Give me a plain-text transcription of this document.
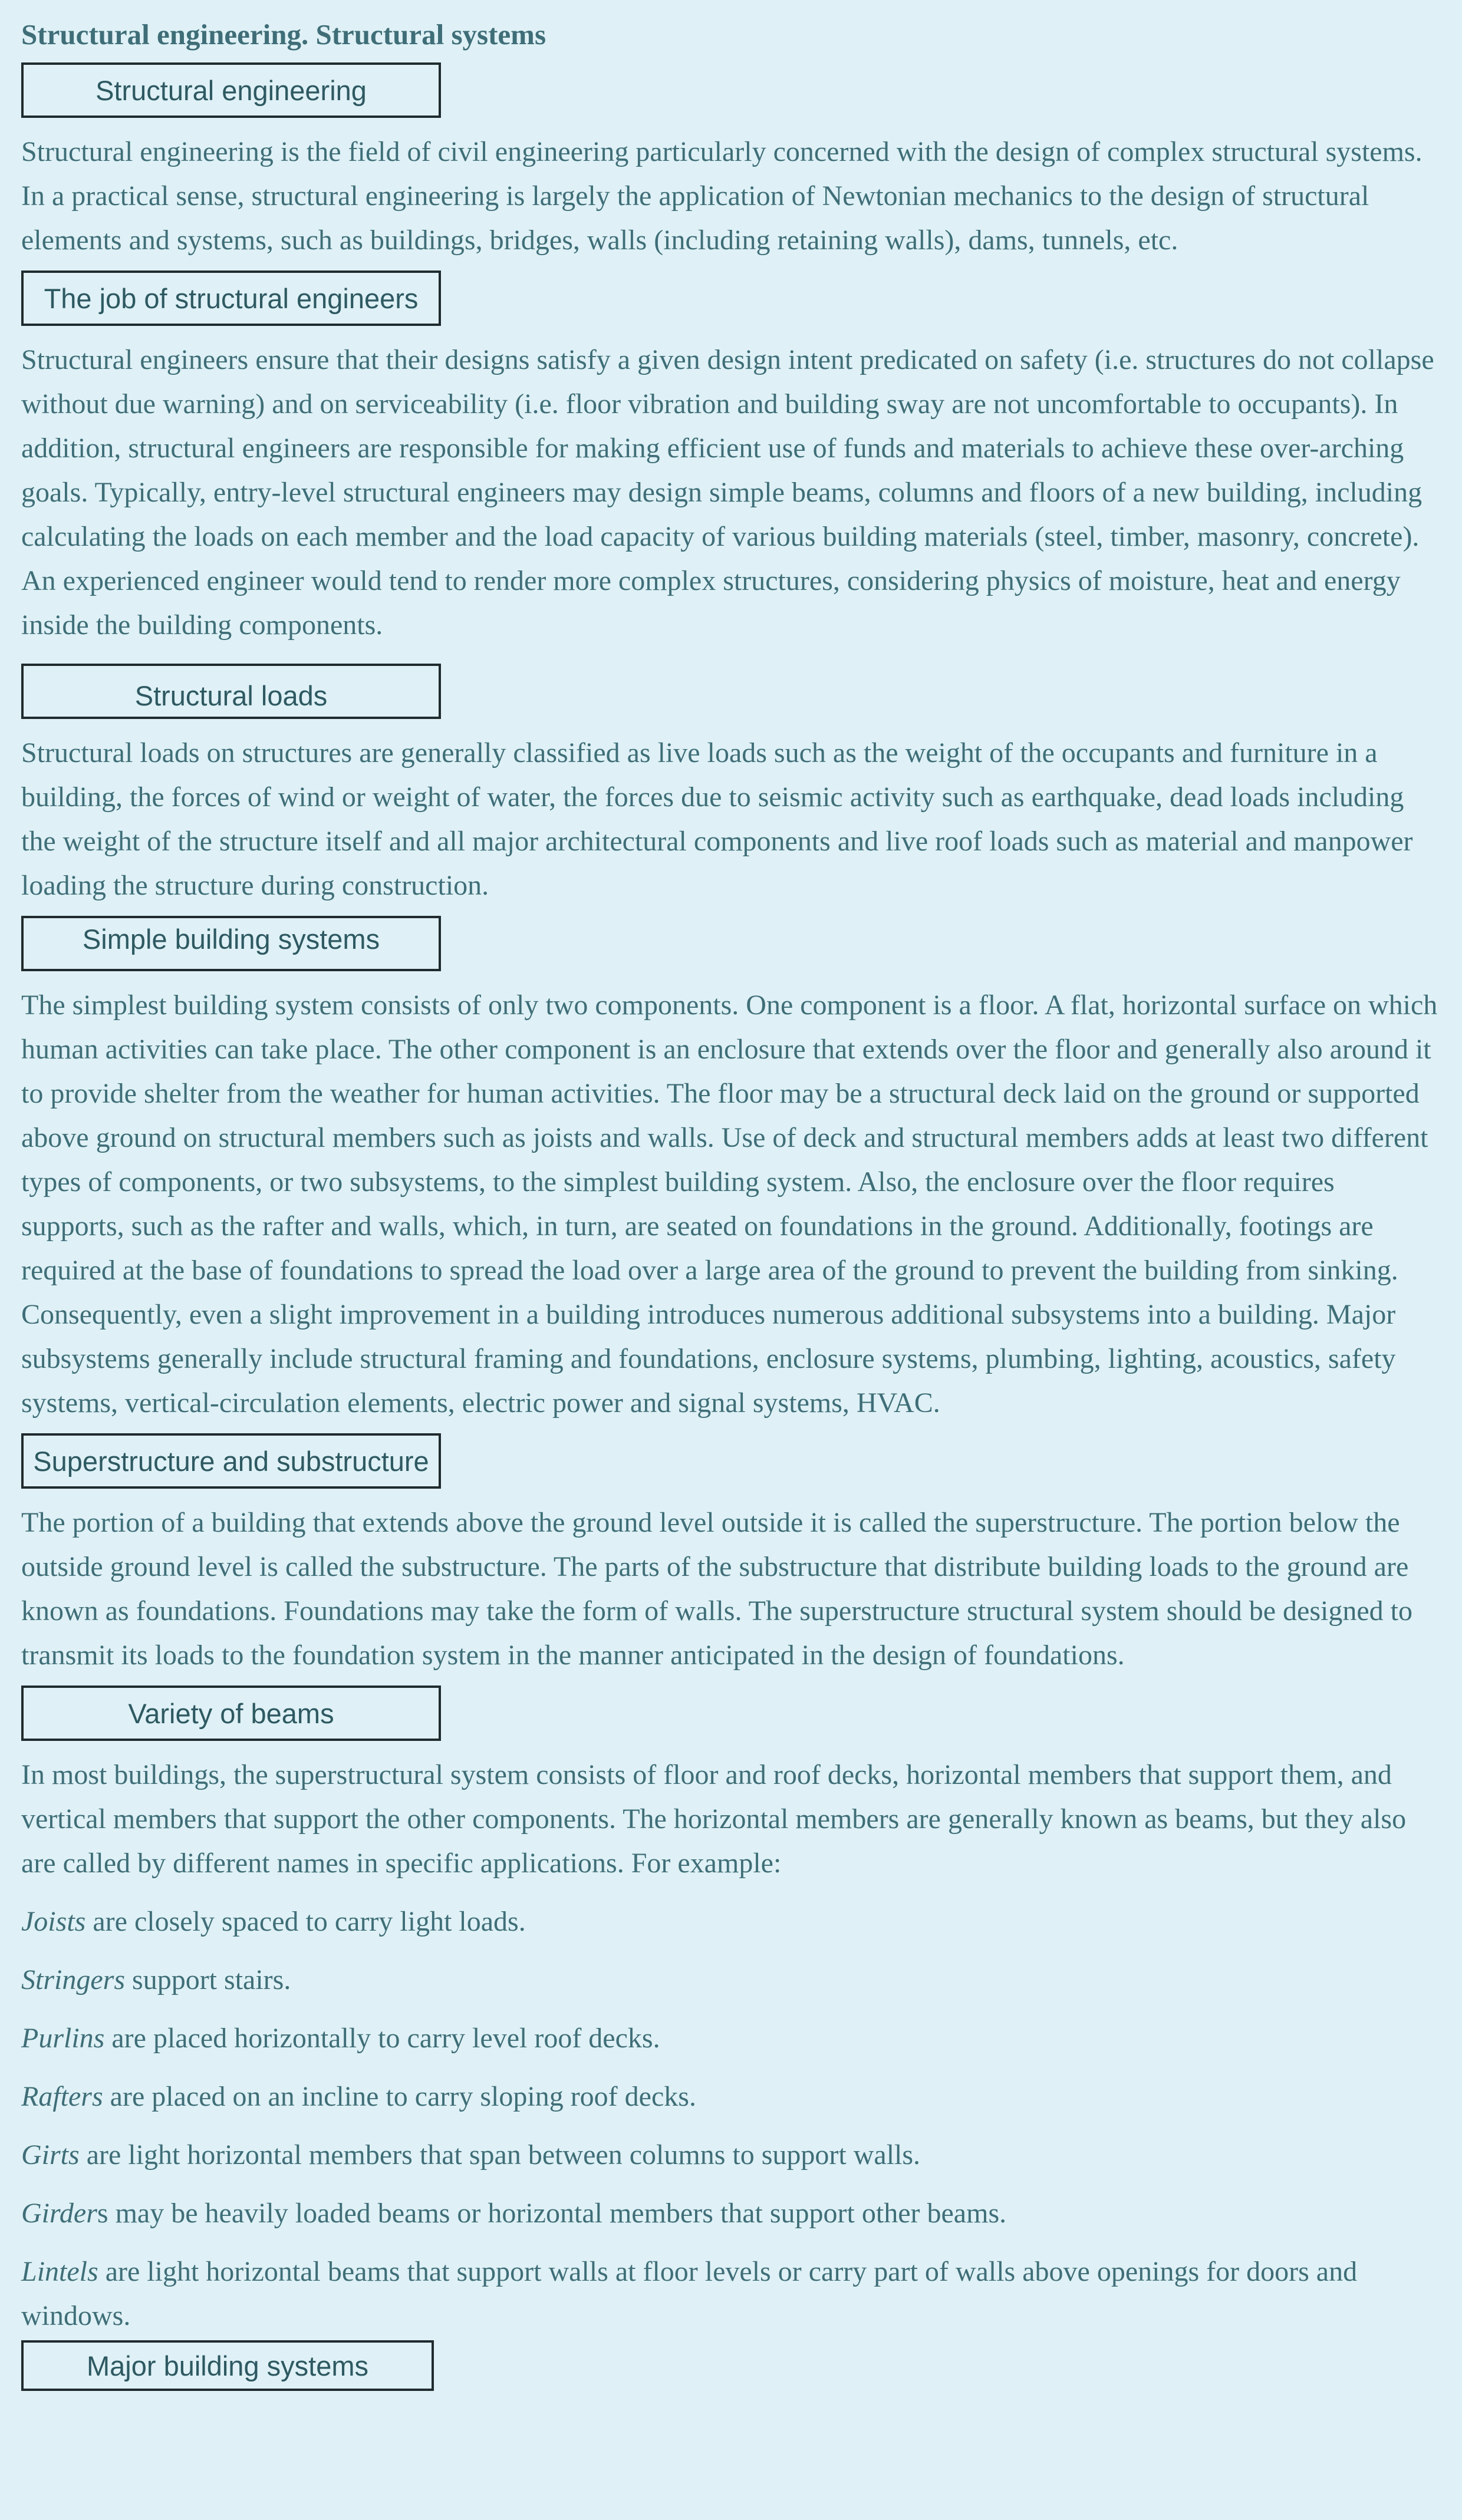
Structural engineering. Structural systems
Structural engineering

Structural engineering is the field of civil engineering particularly concerned with the design of complex structural systems. In a practical sense, structural engineering is largely the application of Newtonian mechanics to the design of structural elements and systems, such as buildings, bridges, walls (including retaining walls), dams, tunnels, etc.

The job of structural engineers

Structural engineers ensure that their designs satisfy a given design intent predicated on safety (i.e. structures do not collapse without due warning) and on serviceability (i.e. floor vibration and building sway are not uncomfortable to occupants). In addition, structural engineers are responsible for making efficient use of funds and materials to achieve these over-arching goals. Typically, entry-level structural engineers may design simple beams, columns and floors of a new building, including calculating the loads on each member and the load capacity of various building materials (steel, timber, masonry, concrete). An experienced engineer would tend to render more complex structures, considering physics of moisture, heat and energy inside the building components.

Structural loads

Structural loads on structures are generally classified as live loads such as the weight of the occupants and furniture in a building, the forces of wind or weight of water, the forces due to seismic activity such as earthquake, dead loads including the weight of the structure itself and all major architectural components and live roof loads such as material and manpower loading the structure during construction.

Simple building systems

The simplest building system consists of only two components. One component is a floor. A flat, horizontal surface on which human activities can take place. The other component is an enclosure that extends over the floor and generally also around it to provide shelter from the weather for human activities. The floor may be a structural deck laid on the ground or supported above ground on structural members such as joists and walls. Use of deck and structural members adds at least two different types of components, or two subsystems, to the simplest building system. Also, the enclosure over the floor requires supports, such as the rafter and walls, which, in turn, are seated on foundations in the ground. Additionally, footings are required at the base of foundations to spread the load over a large area of the ground to prevent the building from sinking. Consequently, even a slight improvement in a building introduces numerous additional subsystems into a building. Major subsystems generally include structural framing and foundations, enclosure systems, plumbing, lighting, acoustics, safety systems, vertical-circulation elements, electric power and signal systems, HVAC.

Superstructure and substructure

The portion of a building that extends above the ground level outside it is called the superstructure. The portion below the outside ground level is called the substructure. The parts of the substructure that distribute building loads to the ground are known as foundations. Foundations may take the form of walls. The superstructure structural system should be designed to transmit its loads to the foundation system in the manner anticipated in the design of foundations.

Variety of beams

In most buildings, the superstructural system consists of floor and roof decks, horizontal members that support them, and vertical members that support the other components. The horizontal members are generally known as beams, but they also are called by different names in specific applications. For example:

Joists are closely spaced to carry light loads.

Stringers support stairs.

Purlins are placed horizontally to carry level roof decks.

Rafters are placed on an incline to carry sloping roof decks.

Girts are light horizontal members that span between columns to support walls.

Girders may be heavily loaded beams or horizontal members that support other beams.

Lintels are light horizontal beams that support walls at floor levels or carry part of walls above openings for doors and windows.

Major building systems
